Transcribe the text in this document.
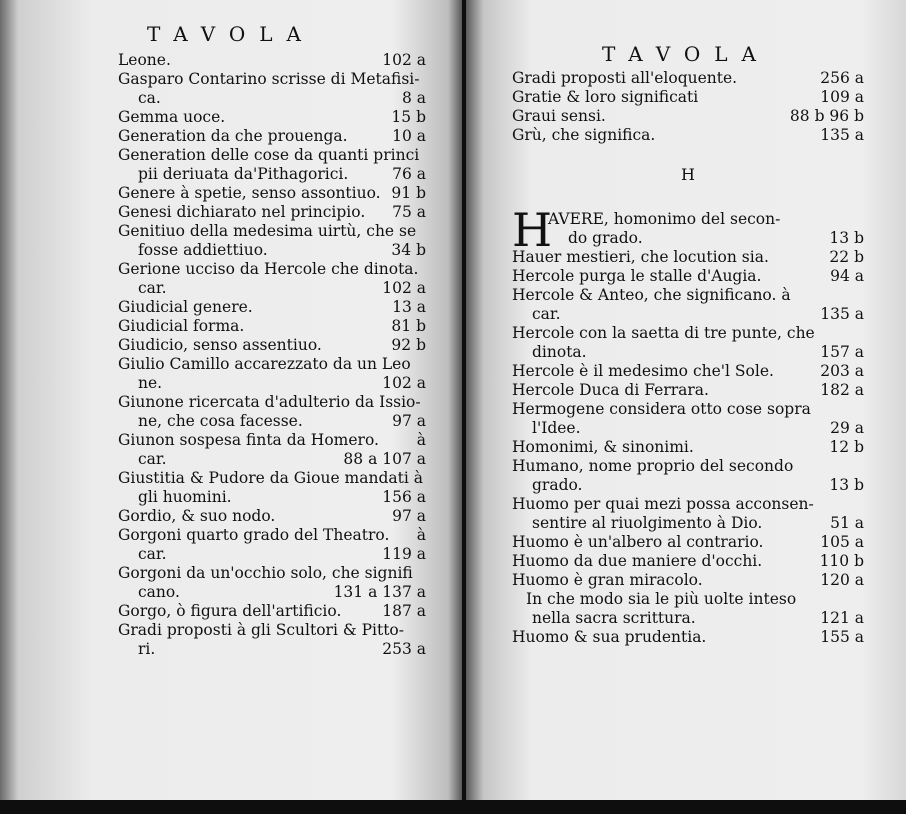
TAVOLA
Leone.	102 a
Gasparo Contarino scrisse di Metafisi-
ca.	8 a
Gemma uoce.	15 b
Generation da che prouenga.	10 a
Generation delle cose da quanti princi
pii deriuata da'Pithagorici.	76 a
Genere à spetie, senso assontiuo. 91 b
Genesi dichiarato nel principio. 75 a
Genitiuo della medesima uirtù, che se
fosse addiettiuo.	34 b
Gerione ucciso da Hercole che dinota.
car.	102 a
Giudicial genere.	13 a
Giudicial forma.	81 b
Giudicio, senso assentiuo.	92 b
Giulio Camillo accarezzato da un Leo
ne.	102 a
Giunone ricercata d'adulterio da Issio-
ne, che cosa facesse.	97 a
Giunon sospesa finta da Homero. à
car.	88 a 107 a
Giustitia & Pudore da Gioue mandati à
gli huomini.	156 a
Gordio, & suo nodo.	97 a
Gorgoni quarto grado del Theatro. à
car.	119 a
Gorgoni da un'occhio solo, che signifi
cano.	131 a 137 a
Gorgo, ò figura dell'artificio.	187 a
Gradi proposti à gli Scultori & Pitto-
ri.	253 a
TAVOLA
Gradi proposti all'eloquente.	256 a
Gratie & loro significati	109 a
Graui sensi.	88 b 96 b
Grù, che significa.	135 a
H
H
AVERE, homonimo del secon-
do grado.	13 b
Hauer mestieri, che locution sia.	22 b
Hercole purga le stalle d'Augia.	94 a
Hercole & Anteo, che significano. à
car.	135 a
Hercole con la saetta di tre punte, che
dinota.	157 a
Hercole è il medesimo che'l Sole.	203 a
Hercole Duca di Ferrara.	182 a
Hermogene considera otto cose sopra
l'Idee.	29 a
Homonimi, & sinonimi.	12 b
Humano, nome proprio del secondo
grado.	13 b
Huomo per quai mezi possa acconsen-
sentire al riuolgimento à Dio.	51 a
Huomo è un'albero al contrario.	105 a
Huomo da due maniere d'occhi.	110 b
Huomo è gran miracolo.	120 a
In che modo sia le più uolte inteso
nella sacra scrittura.	121 a
Huomo & sua prudentia.	155 a
